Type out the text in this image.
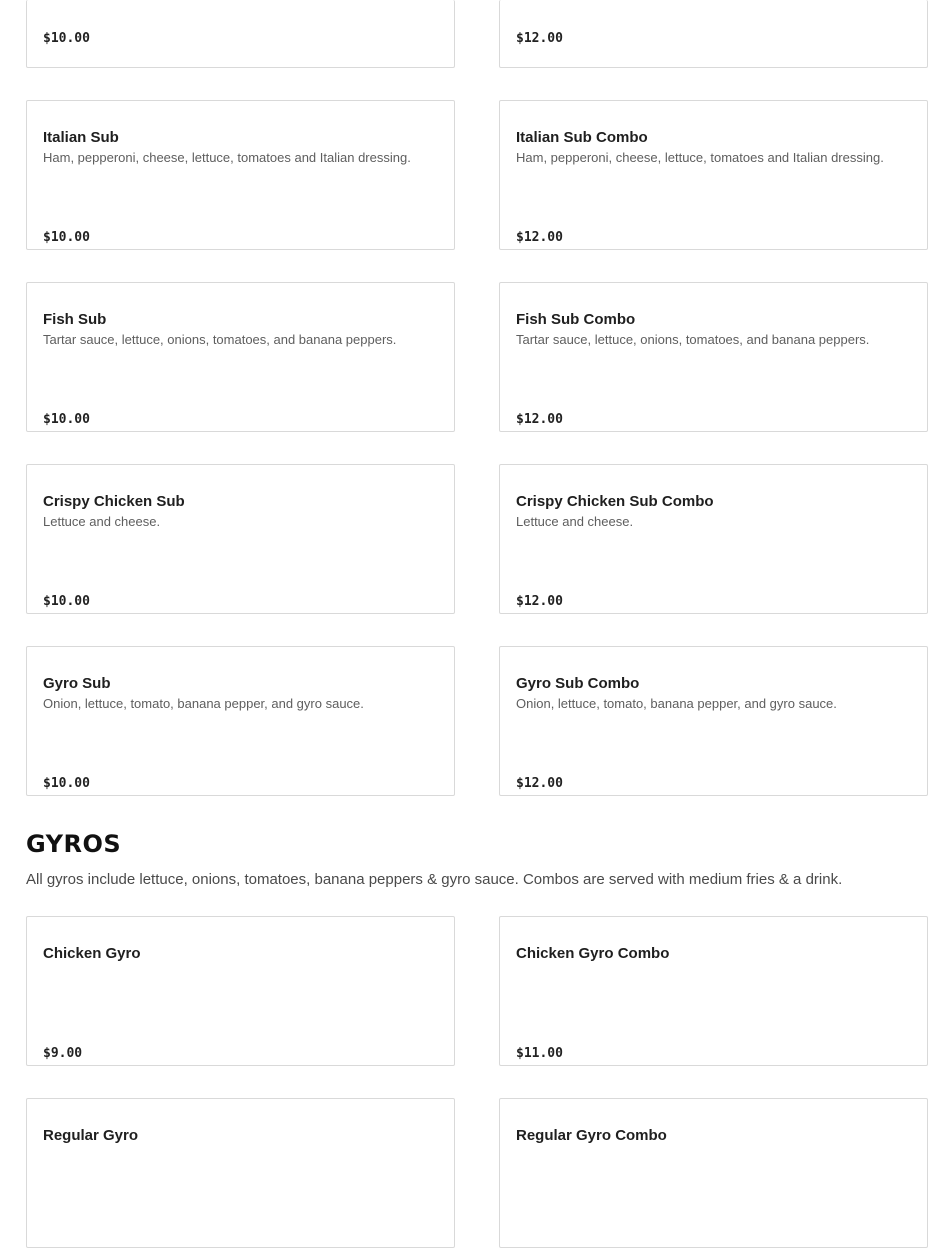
$10.00	$12.00
Italian Sub
Ham, pepperoni, cheese, lettuce, tomatoes and Italian dressing.
$10.00
Italian Sub Combo
Ham, pepperoni, cheese, lettuce, tomatoes and Italian dressing.
$12.00
Fish Sub
Tartar sauce, lettuce, onions, tomatoes, and banana peppers.
$10.00
Fish Sub Combo
Tartar sauce, lettuce, onions, tomatoes, and banana peppers.
$12.00
Crispy Chicken Sub
Lettuce and cheese.
$10.00
Crispy Chicken Sub Combo
Lettuce and cheese.
$12.00
Gyro Sub
Onion, lettuce, tomato, banana pepper, and gyro sauce.
$10.00
Gyro Sub Combo
Onion, lettuce, tomato, banana pepper, and gyro sauce.
$12.00
GYROS

All gyros include lettuce, onions, tomatoes, banana peppers & gyro sauce. Combos are served with medium fries & a drink.

Chicken Gyro
$9.00
Chicken Gyro Combo
$11.00
Regular Gyro	Regular Gyro Combo
